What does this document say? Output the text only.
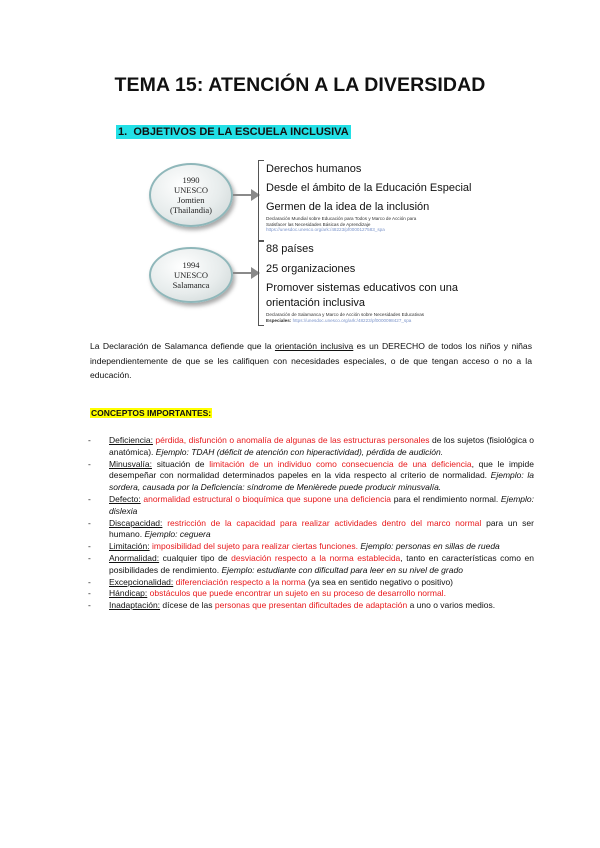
TEMA 15: ATENCIÓN A LA DIVERSIDAD
1. OBJETIVOS DE LA ESCUELA INCLUSIVA
1990
UNESCO
Jomtien
(Thailandia)
Derechos humanos
Desde el ámbito de la Educación Especial
Germen de la idea de la inclusión
Declaración Mundial sobre Educación para Todos y Marco de Acción para
Satisfacer las Necesidades Básicas de Aprendizaje
https://unesdoc.unesco.org/ark:/48223/pf0000127583_spa
1994
UNESCO
Salamanca
88 países
25 organizaciones
Promover sistemas educativos con una
orientación inclusiva
Declaración de Salamanca y Marco de Acción sobre Necesidades Educativas
Especiales: https://unesdoc.unesco.org/ark:/48223/pf0000098427_spa
La Declaración de Salamanca defiende que la orientación inclusiva es un DERECHO de todos los niños y niñas independientemente de que se les califiquen con necesidades especiales, o de que tengan acceso o no a la educación.
CONCEPTOS IMPORTANTES:
- Deficiencia: pérdida, disfunción o anomalía de algunas de las estructuras personales de los sujetos (fisiológica o anatómica). Ejemplo: TDAH (déficit de atención con hiperactividad), pérdida de audición.
- Minusvalía: situación de limitación de un individuo como consecuencia de una deficiencia, que le impide desempeñar con normalidad determinados papeles en la vida respecto al criterio de normalidad. Ejemplo: la sordera, causada por la Deficiencia: síndrome de Menièrede puede producir minusvalía.
- Defecto: anormalidad estructural o bioquímica que supone una deficiencia para el rendimiento normal. Ejemplo: dislexia
- Discapacidad: restricción de la capacidad para realizar actividades dentro del marco normal para un ser humano. Ejemplo: ceguera
- Limitación: imposibilidad del sujeto para realizar ciertas funciones. Ejemplo: personas en sillas de rueda
- Anormalidad: cualquier tipo de desviación respecto a la norma establecida, tanto en características como en posibilidades de rendimiento. Ejemplo: estudiante con dificultad para leer en su nivel de grado
- Excepcionalidad: diferenciación respecto a la norma (ya sea en sentido negativo o positivo)
- Hándicap: obstáculos que puede encontrar un sujeto en su proceso de desarrollo normal.
- Inadaptación: dícese de las personas que presentan dificultades de adaptación a uno o varios medios.
